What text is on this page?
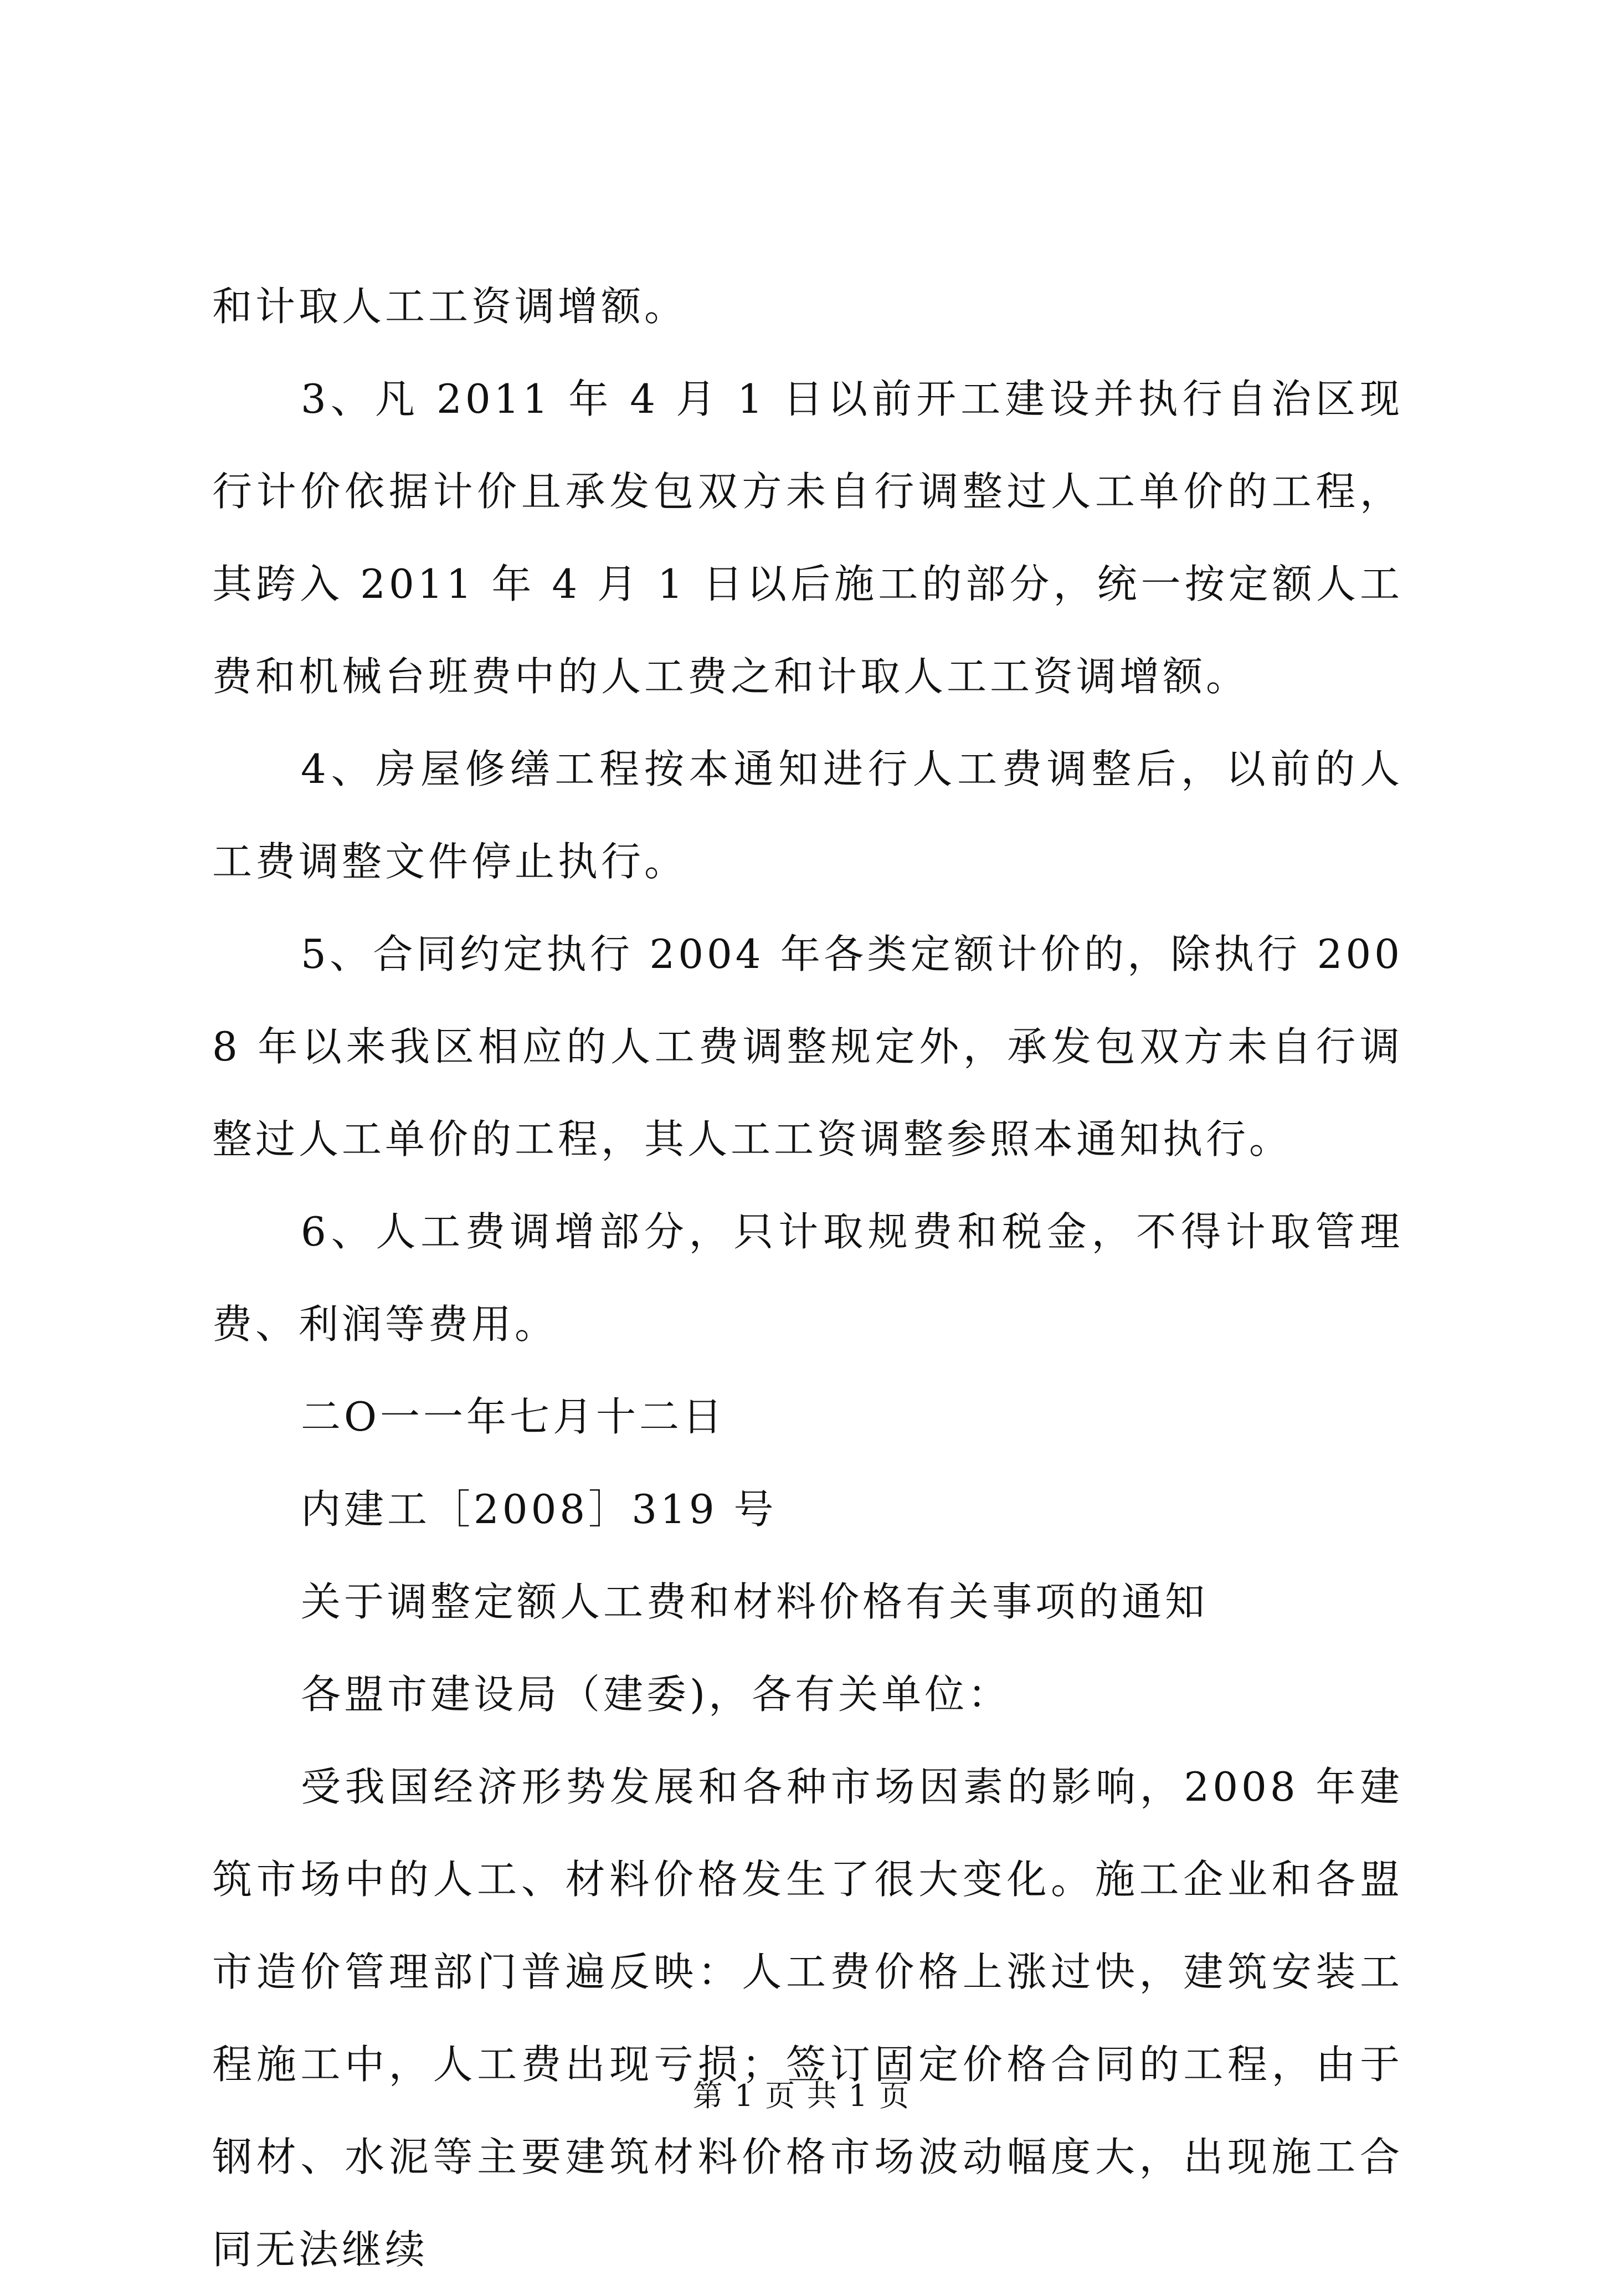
和计取人工工资调增额。

3、凡 2011 年 4 月 1 日以前开工建设并执行自治区现行计价依据计价且承发包双方未自行调整过人工单价的工程，其跨入 2011 年 4 月 1 日以后施工的部分，统一按定额人工费和机械台班费中的人工费之和计取人工工资调增额。

4、房屋修缮工程按本通知进行人工费调整后，以前的人工费调整文件停止执行。

5、合同约定执行 2004 年各类定额计价的，除执行 2008 年以来我区相应的人工费调整规定外，承发包双方未自行调整过人工单价的工程，其人工工资调整参照本通知执行。

6、人工费调增部分，只计取规费和税金，不得计取管理费、利润等费用。

二O一一年七月十二日

内建工［2008］319 号

关于调整定额人工费和材料价格有关事项的通知

各盟市建设局（建委)，各有关单位：

受我国经济形势发展和各种市场因素的影响，2008 年建筑市场中的人工、材料价格发生了很大变化。施工企业和各盟市造价管理部门普遍反映：人工费价格上涨过快，建筑安装工程施工中，人工费出现亏损；签订固定价格合同的工程，由于钢材、水泥等主要建筑材料价格市场波动幅度大，出现施工合同无法继续

第 1 页 共 1 页
